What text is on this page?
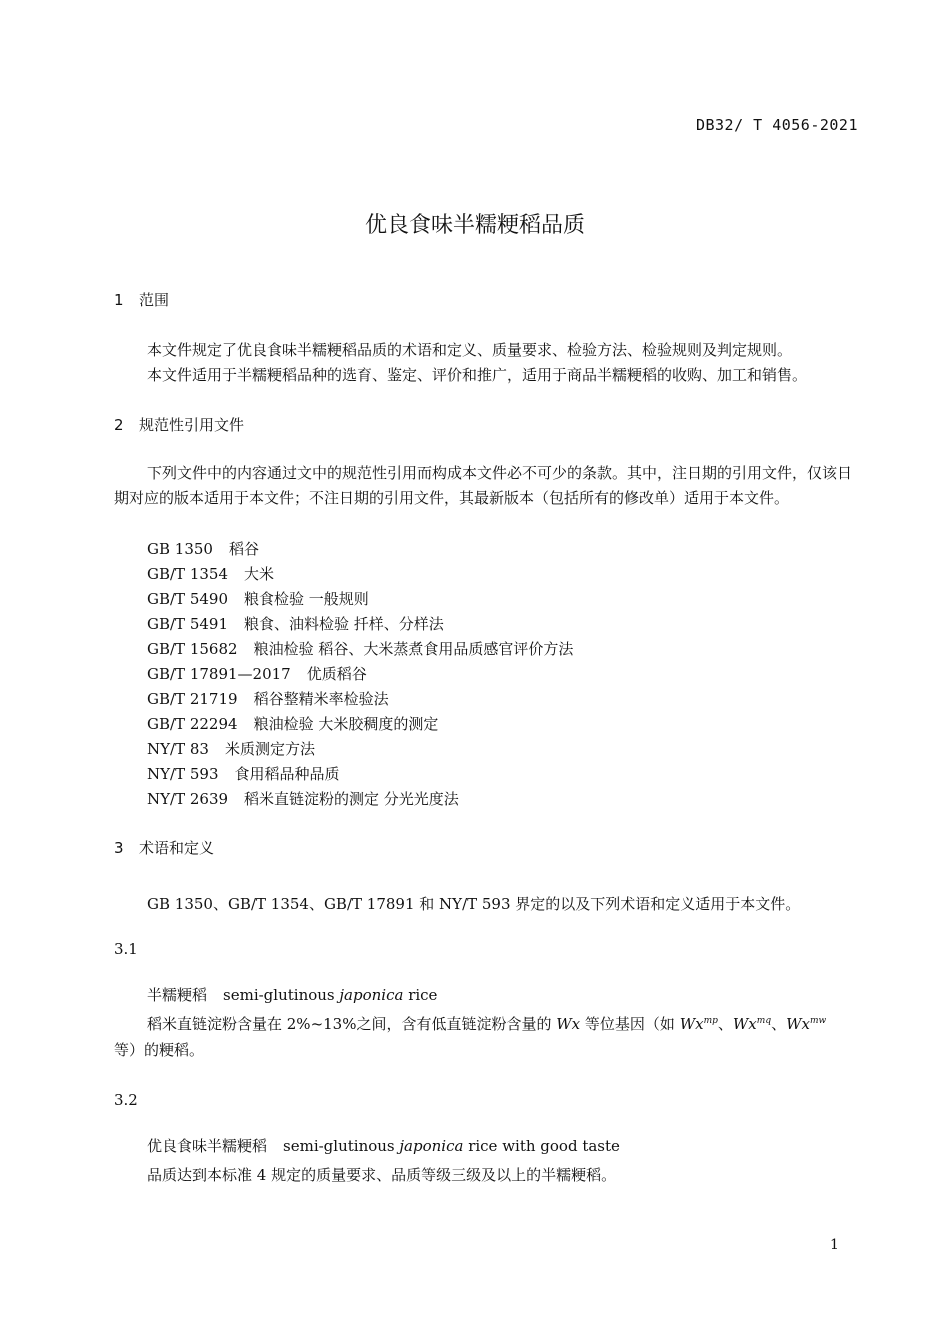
DB32/ T 4056-2021
优良食味半糯粳稻品质
1 范围
本文件规定了优良食味半糯粳稻品质的术语和定义、质量要求、检验方法、检验规则及判定规则。
本文件适用于半糯粳稻品种的选育、鉴定、评价和推广，适用于商品半糯粳稻的收购、加工和销售。
2 规范性引用文件
下列文件中的内容通过文中的规范性引用而构成本文件必不可少的条款。其中，注日期的引用文件，仅该日期对应的版本适用于本文件；不注日期的引用文件，其最新版本（包括所有的修改单）适用于本文件。
GB 1350 稻谷
GB/T 1354 大米
GB/T 5490 粮食检验 一般规则
GB/T 5491 粮食、油料检验 扦样、分样法
GB/T 15682 粮油检验 稻谷、大米蒸煮食用品质感官评价方法
GB/T 17891—2017 优质稻谷
GB/T 21719 稻谷整精米率检验法
GB/T 22294 粮油检验 大米胶稠度的测定
NY/T 83 米质测定方法
NY/T 593 食用稻品种品质
NY/T 2639 稻米直链淀粉的测定 分光光度法
3 术语和定义
GB 1350、GB/T 1354、GB/T 17891 和 NY/T 593 界定的以及下列术语和定义适用于本文件。
3.1
半糯粳稻 semi-glutinous japonica rice
稻米直链淀粉含量在 2%~13%之间，含有低直链淀粉含量的 Wx 等位基因（如 $Wx^{mp}$、$Wx^{mq}$、$Wx^{mw}$
等）的粳稻。
3.2
优良食味半糯粳稻 semi-glutinous japonica rice with good taste
品质达到本标准 4 规定的质量要求、品质等级三级及以上的半糯粳稻。
1
